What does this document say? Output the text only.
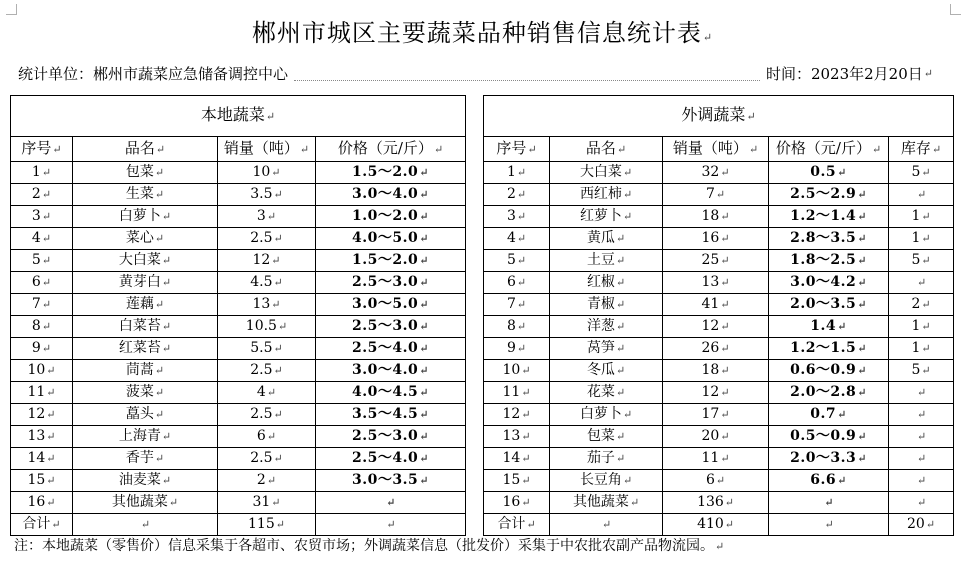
郴州市城区主要蔬菜品种销售信息统计表↵
统计单位：郴州市蔬菜应急储备调控中心	时间：2023年2月20日 ↵
本地蔬菜↵					外调蔬菜↵				
序号↵	品名↵	销量（吨）↵	价格（元/斤）↵		序号↵	品名↵	销量（吨）↵	价格（元/斤）↵	库存↵
1↵	包菜↵	10↵	1.5～2.0↵		1↵	大白菜↵	32↵	0.5↵	5↵
2↵	生菜↵	3.5↵	3.0～4.0↵		2↵	西红柿↵	7↵	2.5～2.9↵	↵
3↵	白萝卜↵	3↵	1.0～2.0↵		3↵	红萝卜↵	18↵	1.2～1.4↵	1↵
4↵	菜心↵	2.5↵	4.0～5.0↵		4↵	黄瓜↵	16↵	2.8～3.5↵	1↵
5↵	大白菜↵	12↵	1.5～2.0↵		5↵	土豆↵	25↵	1.8～2.5↵	5↵
6↵	黄芽白↵	4.5↵	2.5～3.0↵		6↵	红椒↵	13↵	3.0～4.2↵	↵
7↵	莲藕↵	13↵	3.0～5.0↵		7↵	青椒↵	41↵	2.0～3.5↵	2↵
8↵	白菜苔↵	10.5↵	2.5～3.0↵		8↵	洋葱↵	12↵	1.4↵	1↵
9↵	红菜苔↵	5.5↵	2.5～4.0↵		9↵	莴笋↵	26↵	1.2～1.5↵	1↵
10↵	茼蒿↵	2.5↵	3.0～4.0↵		10↵	冬瓜↵	18↵	0.6～0.9↵	5↵
11↵	菠菜↵	4↵	4.0～4.5↵		11↵	花菜↵	12↵	2.0～2.8↵	↵
12↵	藠头↵	2.5↵	3.5～4.5↵		12↵	白萝卜↵	17↵	0.7↵	↵
13↵	上海青↵	6↵	2.5～3.0↵		13↵	包菜↵	20↵	0.5～0.9↵	↵
14↵	香芋↵	2.5↵	2.5～4.0↵		14↵	茄子↵	11↵	2.0～3.3↵	↵
15↵	油麦菜↵	2↵	3.0～3.5↵		15↵	长豆角↵	6↵	6.6↵	↵
16↵	其他蔬菜↵	31↵	↵		16↵	其他蔬菜↵	136↵	↵	↵
合计↵	↵	115↵	↵		合计↵	↵	410↵	↵	20↵
注：本地蔬菜（零售价）信息采集于各超市、农贸市场；外调蔬菜信息（批发价）采集于中农批农副产品物流园。↵
